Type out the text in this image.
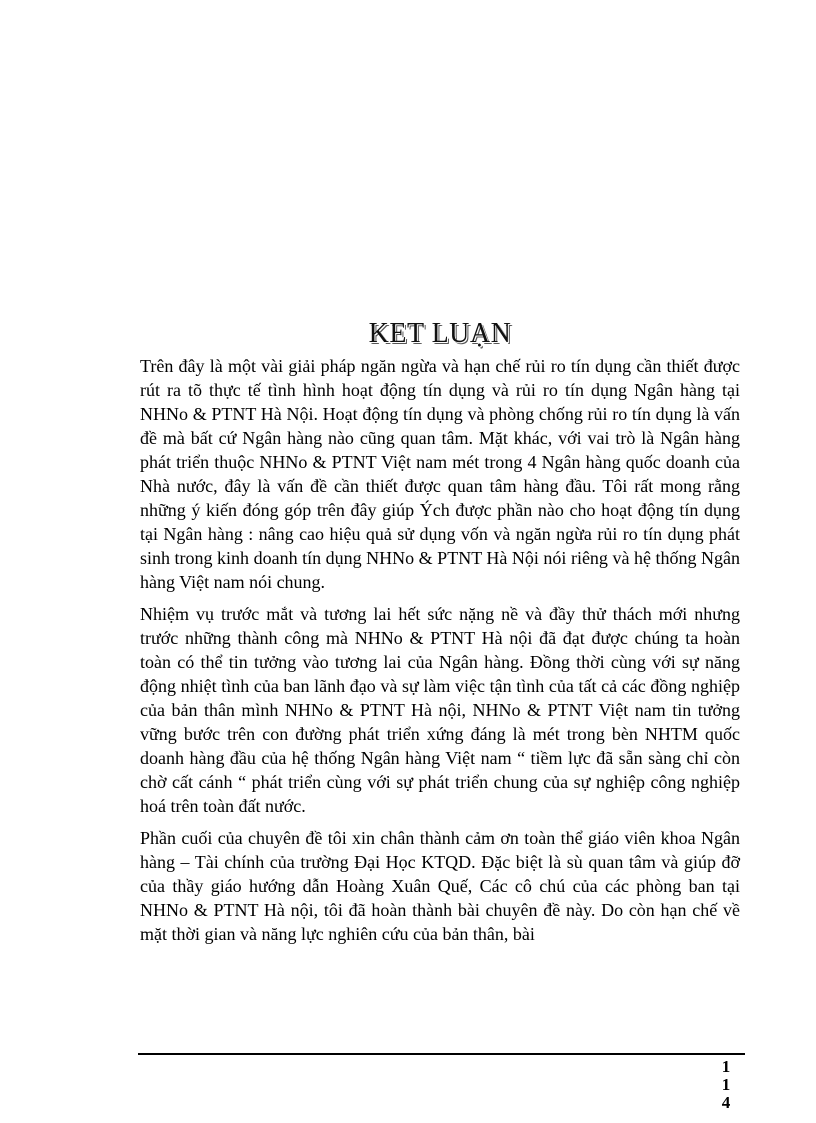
KET LUẠN

Trên đây là một vài giải pháp ngăn ngừa và hạn chế rủi ro tín dụng cần thiết được rút ra tõ thực tế tình hình hoạt động tín dụng và rủi ro tín dụng Ngân hàng tại NHNo & PTNT Hà Nội. Hoạt động tín dụng và phòng chống rủi ro tín dụng là vấn đề mà bất cứ Ngân hàng nào cũng quan tâm. Mặt khác, với vai trò là Ngân hàng phát triển thuộc NHNo & PTNT Việt nam mét trong 4 Ngân hàng quốc doanh của Nhà nước, đây là vấn đề cần thiết được quan tâm hàng đầu. Tôi rất mong rằng những ý kiến đóng góp trên đây giúp Ých được phần nào cho hoạt động tín dụng tại Ngân hàng : nâng cao hiệu quả sử dụng vốn và ngăn ngừa rủi ro tín dụng phát sinh trong kinh doanh tín dụng NHNo & PTNT Hà Nội nói riêng và hệ thống Ngân hàng Việt nam nói chung.

Nhiệm vụ trước mắt và tương lai hết sức nặng nề và đầy thử thách mới nhưng trước những thành công mà NHNo & PTNT Hà nội đã đạt được chúng ta hoàn toàn có thể tin tưởng vào tương lai của Ngân hàng. Đồng thời cùng với sự năng động nhiệt tình của ban lãnh đạo và sự làm việc tận tình của tất cả các đồng nghiệp của bản thân mình NHNo & PTNT Hà nội, NHNo & PTNT Việt nam tin tưởng vững bước trên con đường phát triển xứng đáng là mét trong bèn NHTM quốc doanh hàng đầu của hệ thống Ngân hàng Việt nam “ tiềm lực đã sẵn sàng chỉ còn chờ cất cánh “ phát triển cùng với sự phát triển chung của sự nghiệp công nghiệp hoá trên toàn đất nước.

Phần cuối của chuyên đề tôi xin chân thành cảm ơn toàn thể giáo viên khoa Ngân hàng – Tài chính của trường Đại Học KTQD. Đặc biệt là sù quan tâm và giúp đỡ của thầy giáo hướng dẫn Hoàng Xuân Quế, Các cô chú của các phòng ban tại NHNo & PTNT Hà nội, tôi đã hoàn thành bài chuyên đề này. Do còn hạn chế về mặt thời gian và năng lực nghiên cứu của bản thân, bài

114
